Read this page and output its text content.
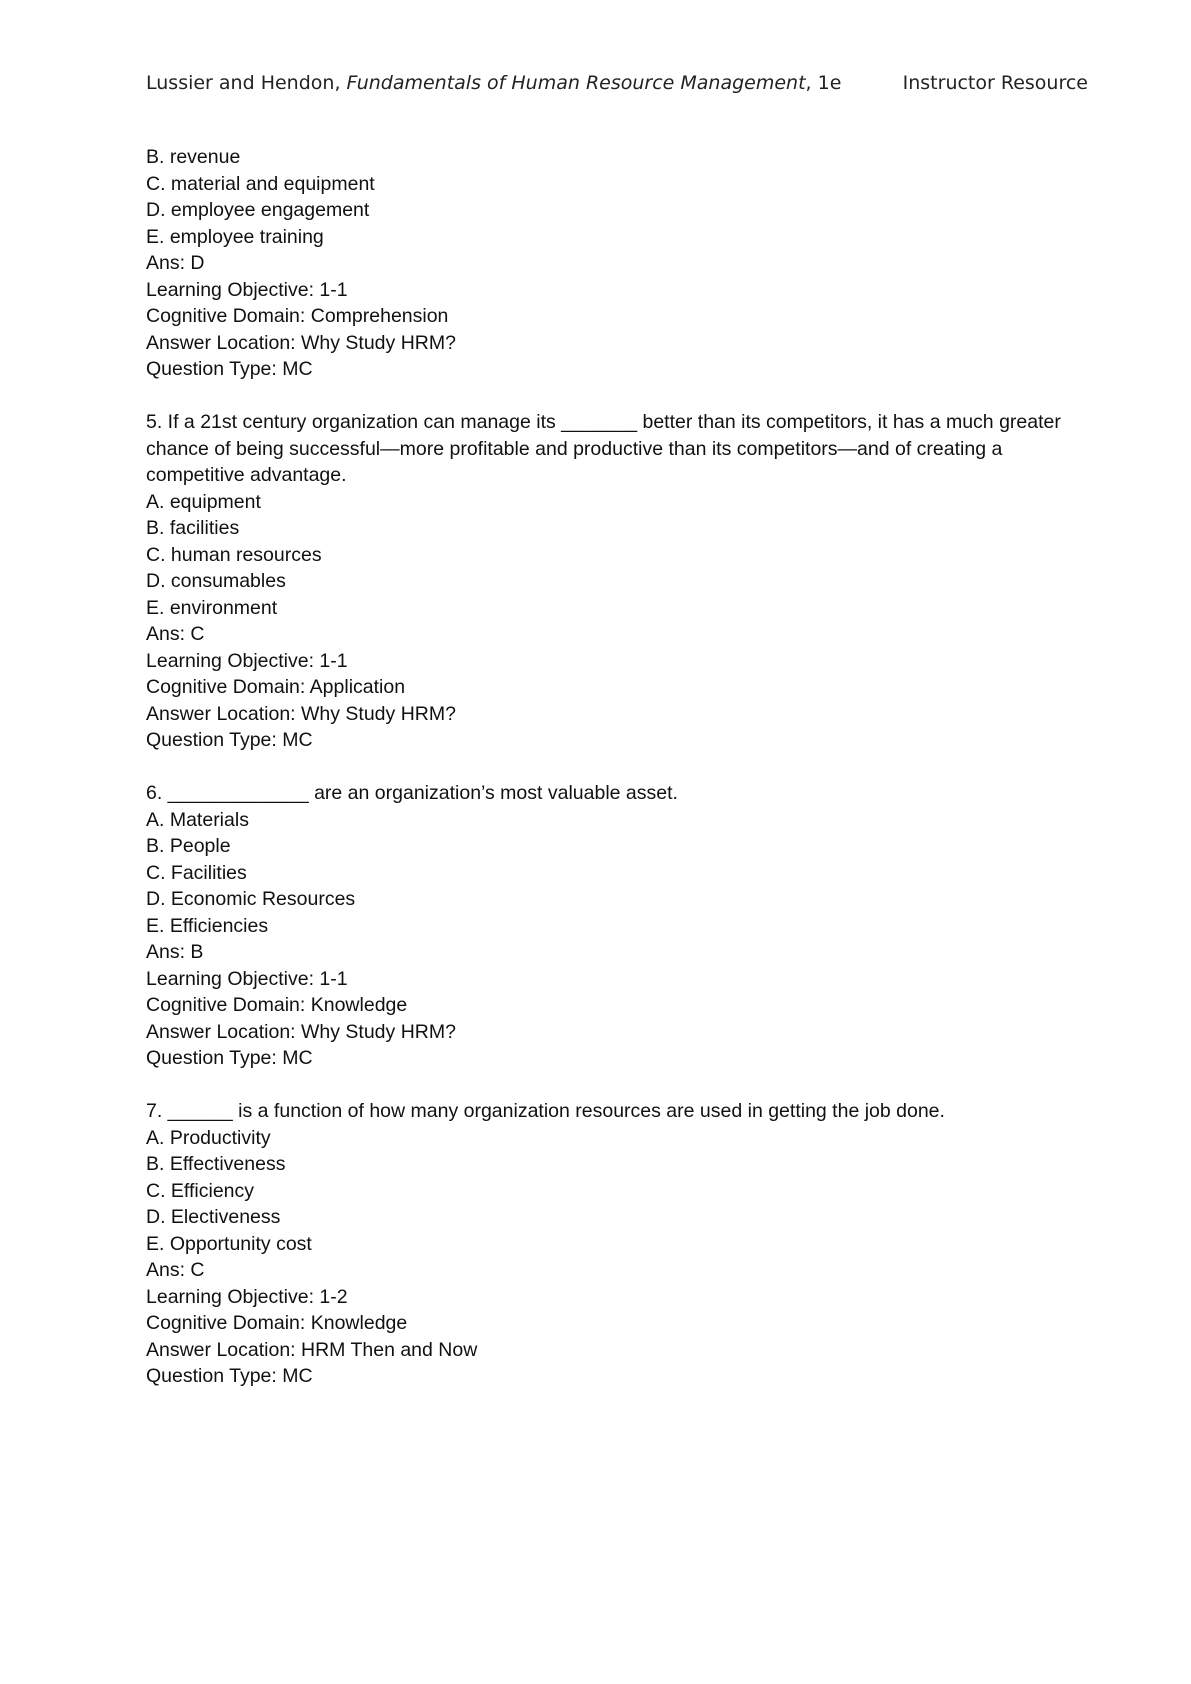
Lussier and Hendon, Fundamentals of Human Resource Management, 1e	Instructor Resource
B. revenue
C. material and equipment
D. employee engagement
E. employee training
Ans: D
Learning Objective: 1-1
Cognitive Domain: Comprehension
Answer Location: Why Study HRM?
Question Type: MC
5. If a 21st century organization can manage its _______ better than its competitors, it has a much greater chance of being successful—more profitable and productive than its competitors—and of creating a competitive advantage.
A. equipment
B. facilities
C. human resources
D. consumables
E. environment
Ans: C
Learning Objective: 1-1
Cognitive Domain: Application
Answer Location: Why Study HRM?
Question Type: MC
6. _____________ are an organization’s most valuable asset.
A. Materials
B. People
C. Facilities
D. Economic Resources
E. Efficiencies
Ans: B
Learning Objective: 1-1
Cognitive Domain: Knowledge
Answer Location: Why Study HRM?
Question Type: MC
7. ______ is a function of how many organization resources are used in getting the job done.
A. Productivity
B. Effectiveness
C. Efficiency
D. Electiveness
E. Opportunity cost
Ans: C
Learning Objective: 1-2
Cognitive Domain: Knowledge
Answer Location: HRM Then and Now
Question Type: MC
